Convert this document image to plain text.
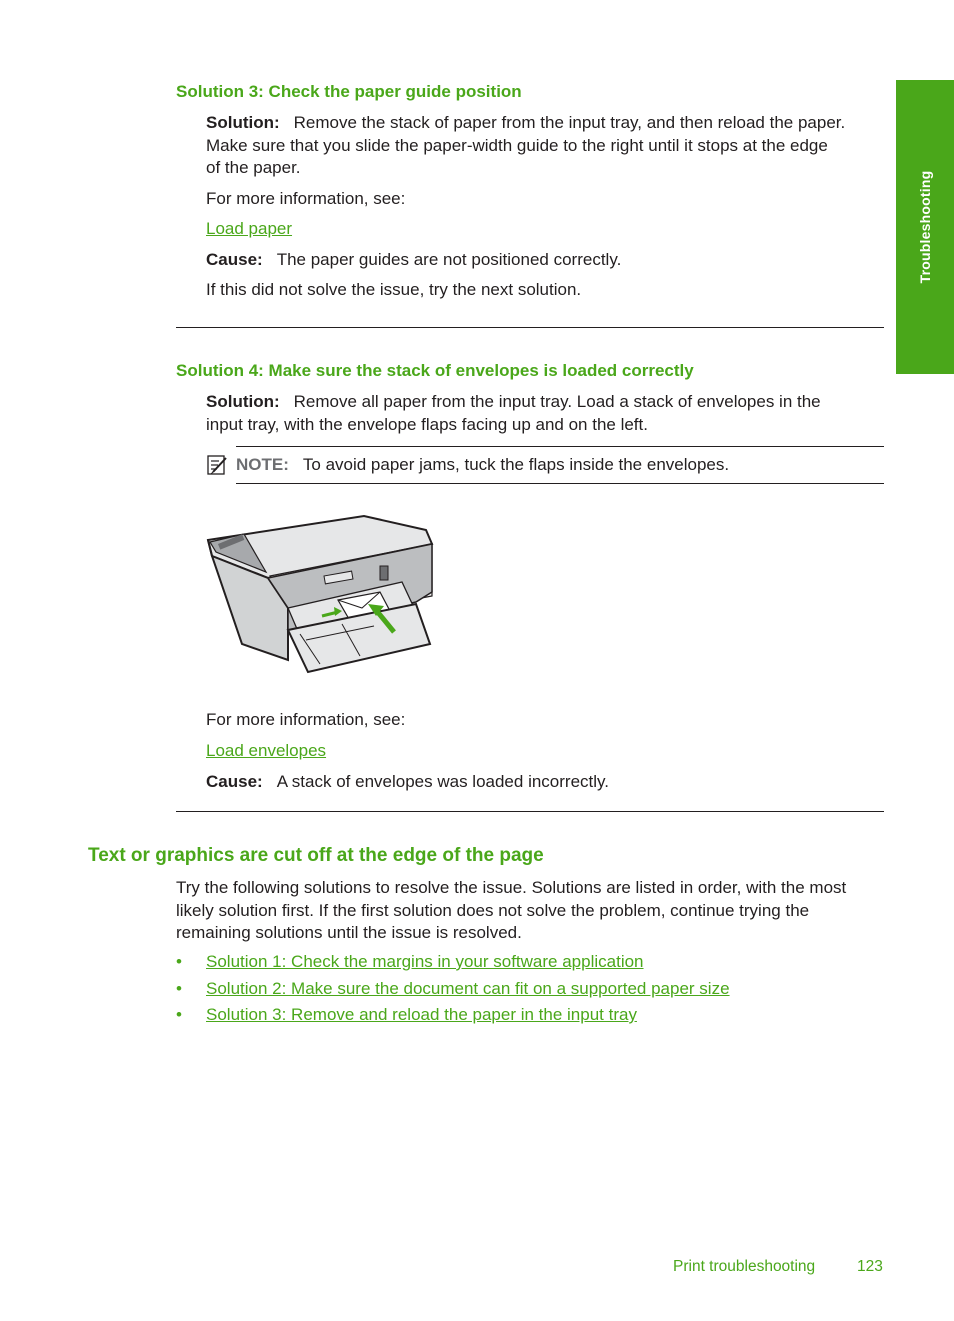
Troubleshooting
Solution 3: Check the paper guide position

Solution: Remove the stack of paper from the input tray, and then reload the paper.
Make sure that you slide the paper-width guide to the right until it stops at the edge
of the paper.

For more information, see:

Load paper

Cause: The paper guides are not positioned correctly.

If this did not solve the issue, try the next solution.

Solution 4: Make sure the stack of envelopes is loaded correctly

Solution: Remove all paper from the input tray. Load a stack of envelopes in the
input tray, with the envelope flaps facing up and on the left.

NOTE: To avoid paper jams, tuck the flaps inside the envelopes.

For more information, see:

Load envelopes

Cause: A stack of envelopes was loaded incorrectly.

Text or graphics are cut off at the edge of the page

Try the following solutions to resolve the issue. Solutions are listed in order, with the most
likely solution first. If the first solution does not solve the problem, continue trying the
remaining solutions until the issue is resolved.

• Solution 1: Check the margins in your software application
• Solution 2: Make sure the document can fit on a supported paper size
• Solution 3: Remove and reload the paper in the input tray
Print troubleshooting	123
